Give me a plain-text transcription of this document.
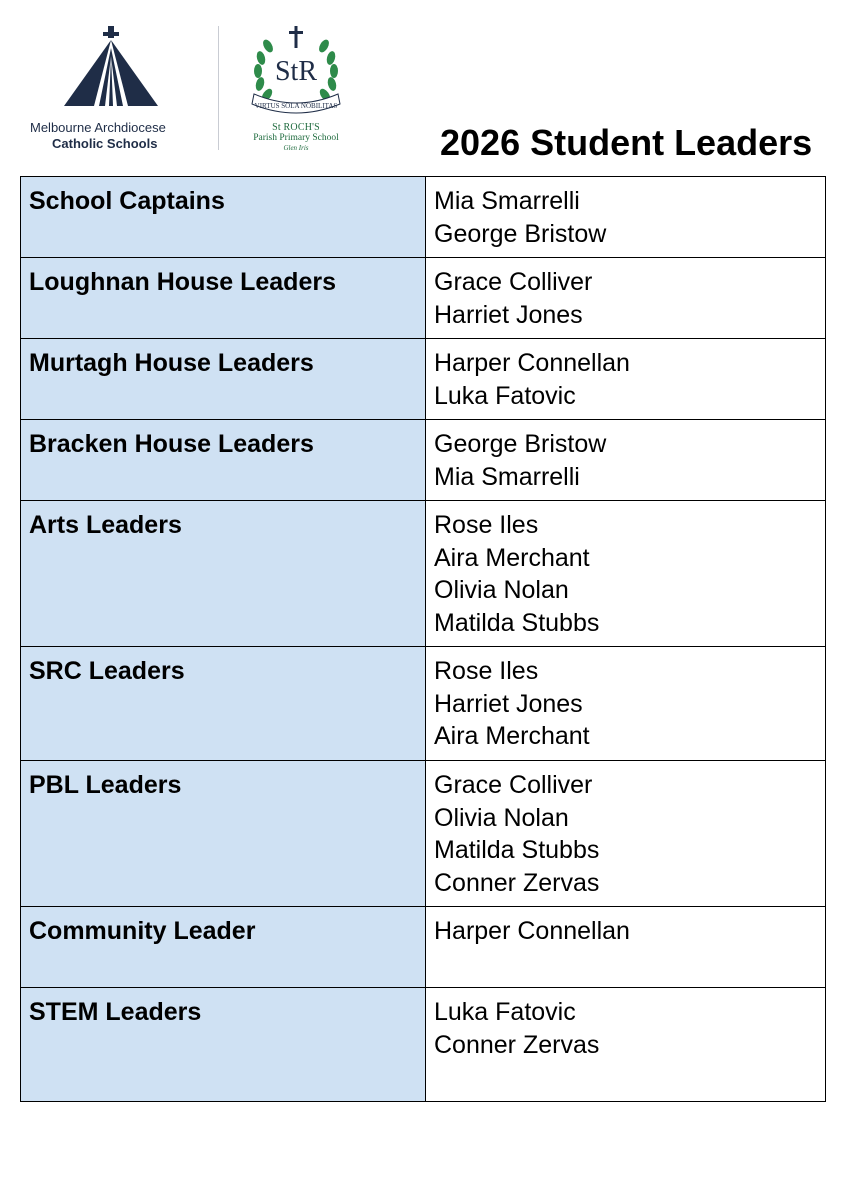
Melbourne Archdiocese
Catholic Schools
StR
VIRTUS SOLA NOBILITAS
St ROCH'S
Parish Primary School
Glen Iris	2026 Student Leaders
School Captains	Mia Smarrelli
George Bristow

Loughnan House Leaders	Grace Colliver
Harriet Jones

Murtagh House Leaders	Harper Connellan
Luka Fatovic

Bracken House Leaders	George Bristow
Mia Smarrelli

Arts Leaders	Rose Iles
Aira Merchant
Olivia Nolan
Matilda Stubbs

SRC Leaders	Rose Iles
Harriet Jones
Aira Merchant

PBL Leaders	Grace Colliver
Olivia Nolan
Matilda Stubbs
Conner Zervas

Community Leader	Harper Connellan

STEM Leaders	Luka Fatovic
Conner Zervas
